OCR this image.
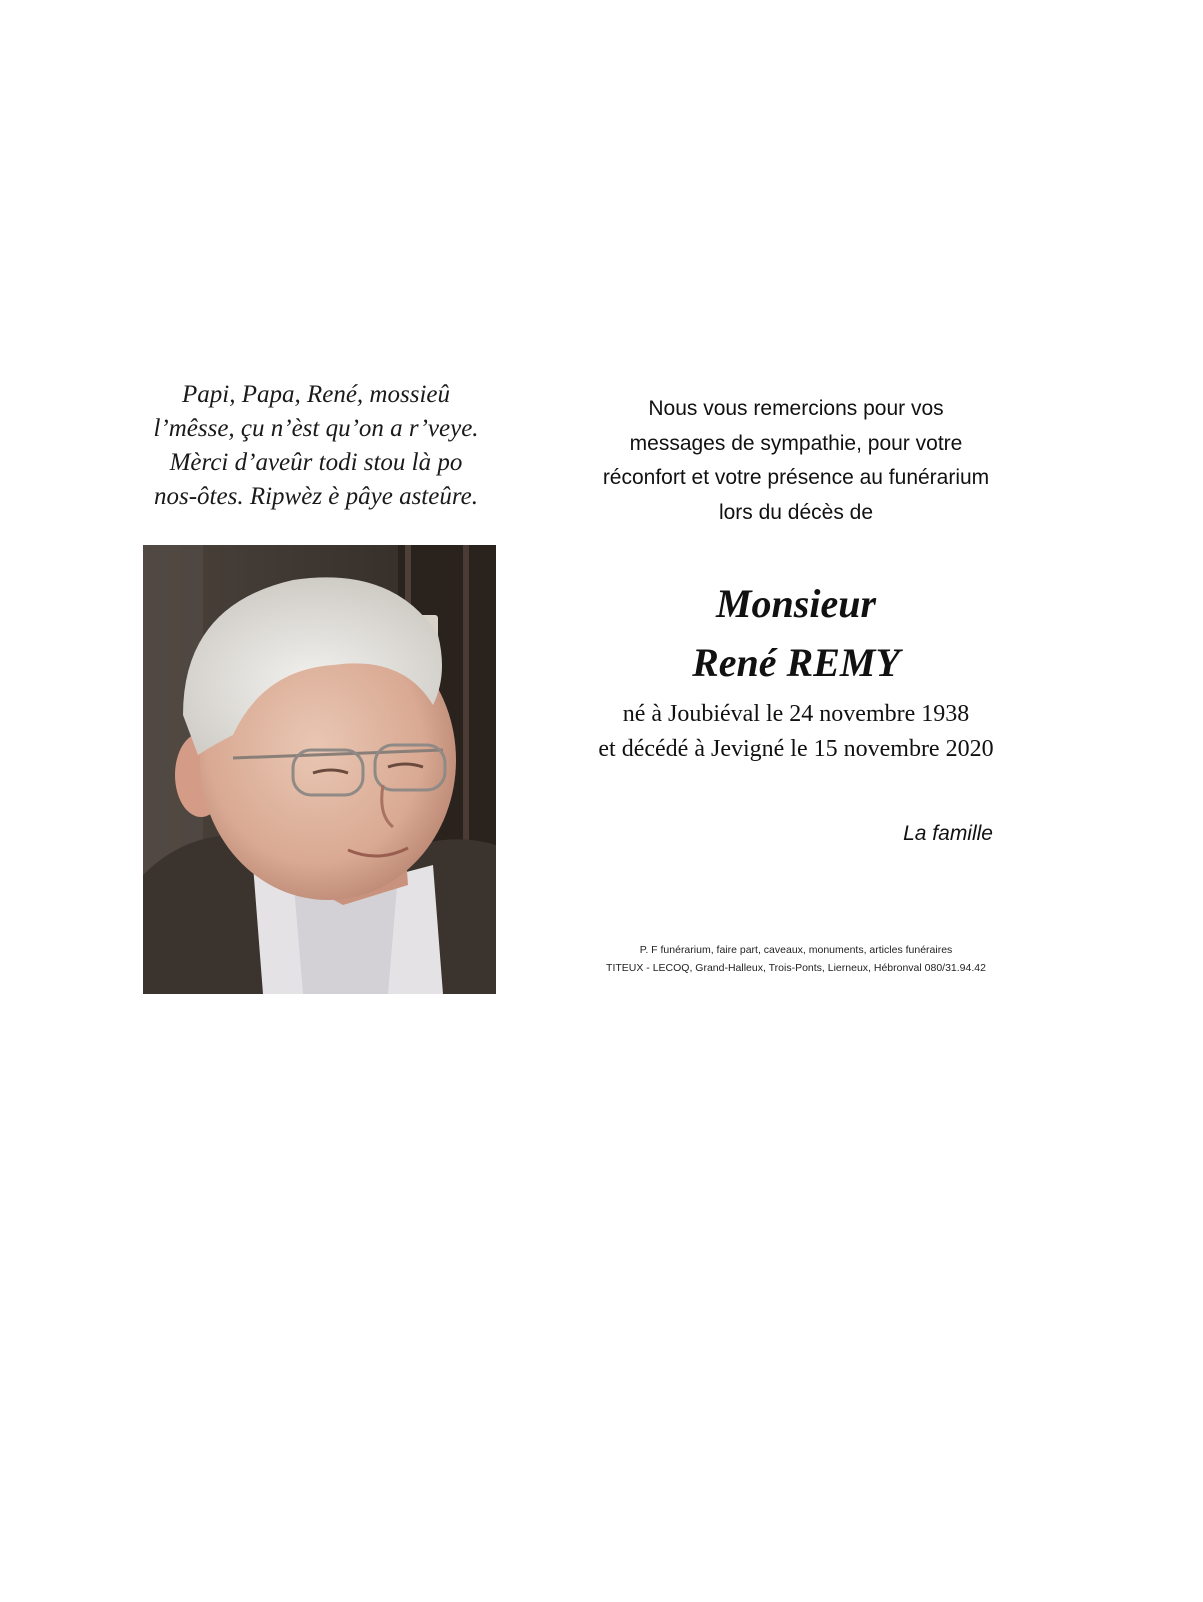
Papi, Papa, René, mossieû
l’mêsse, çu n’èst qu’on a r’veye.
Mèrci d’aveûr todi stou là po
nos-ôtes. Ripwèz è pâye asteûre.
Nous vous remercions pour vos
messages de sympathie, pour votre
réconfort et votre présence au funérarium
lors du décès de
Monsieur
René REMY
né à Joubiéval le 24 novembre 1938
et décédé à Jevigné le 15 novembre 2020
La famille
P. F funérarium, faire part, caveaux, monuments, articles funéraires
TITEUX - LECOQ, Grand-Halleux, Trois-Ponts, Lierneux, Hébronval 080/31.94.42
